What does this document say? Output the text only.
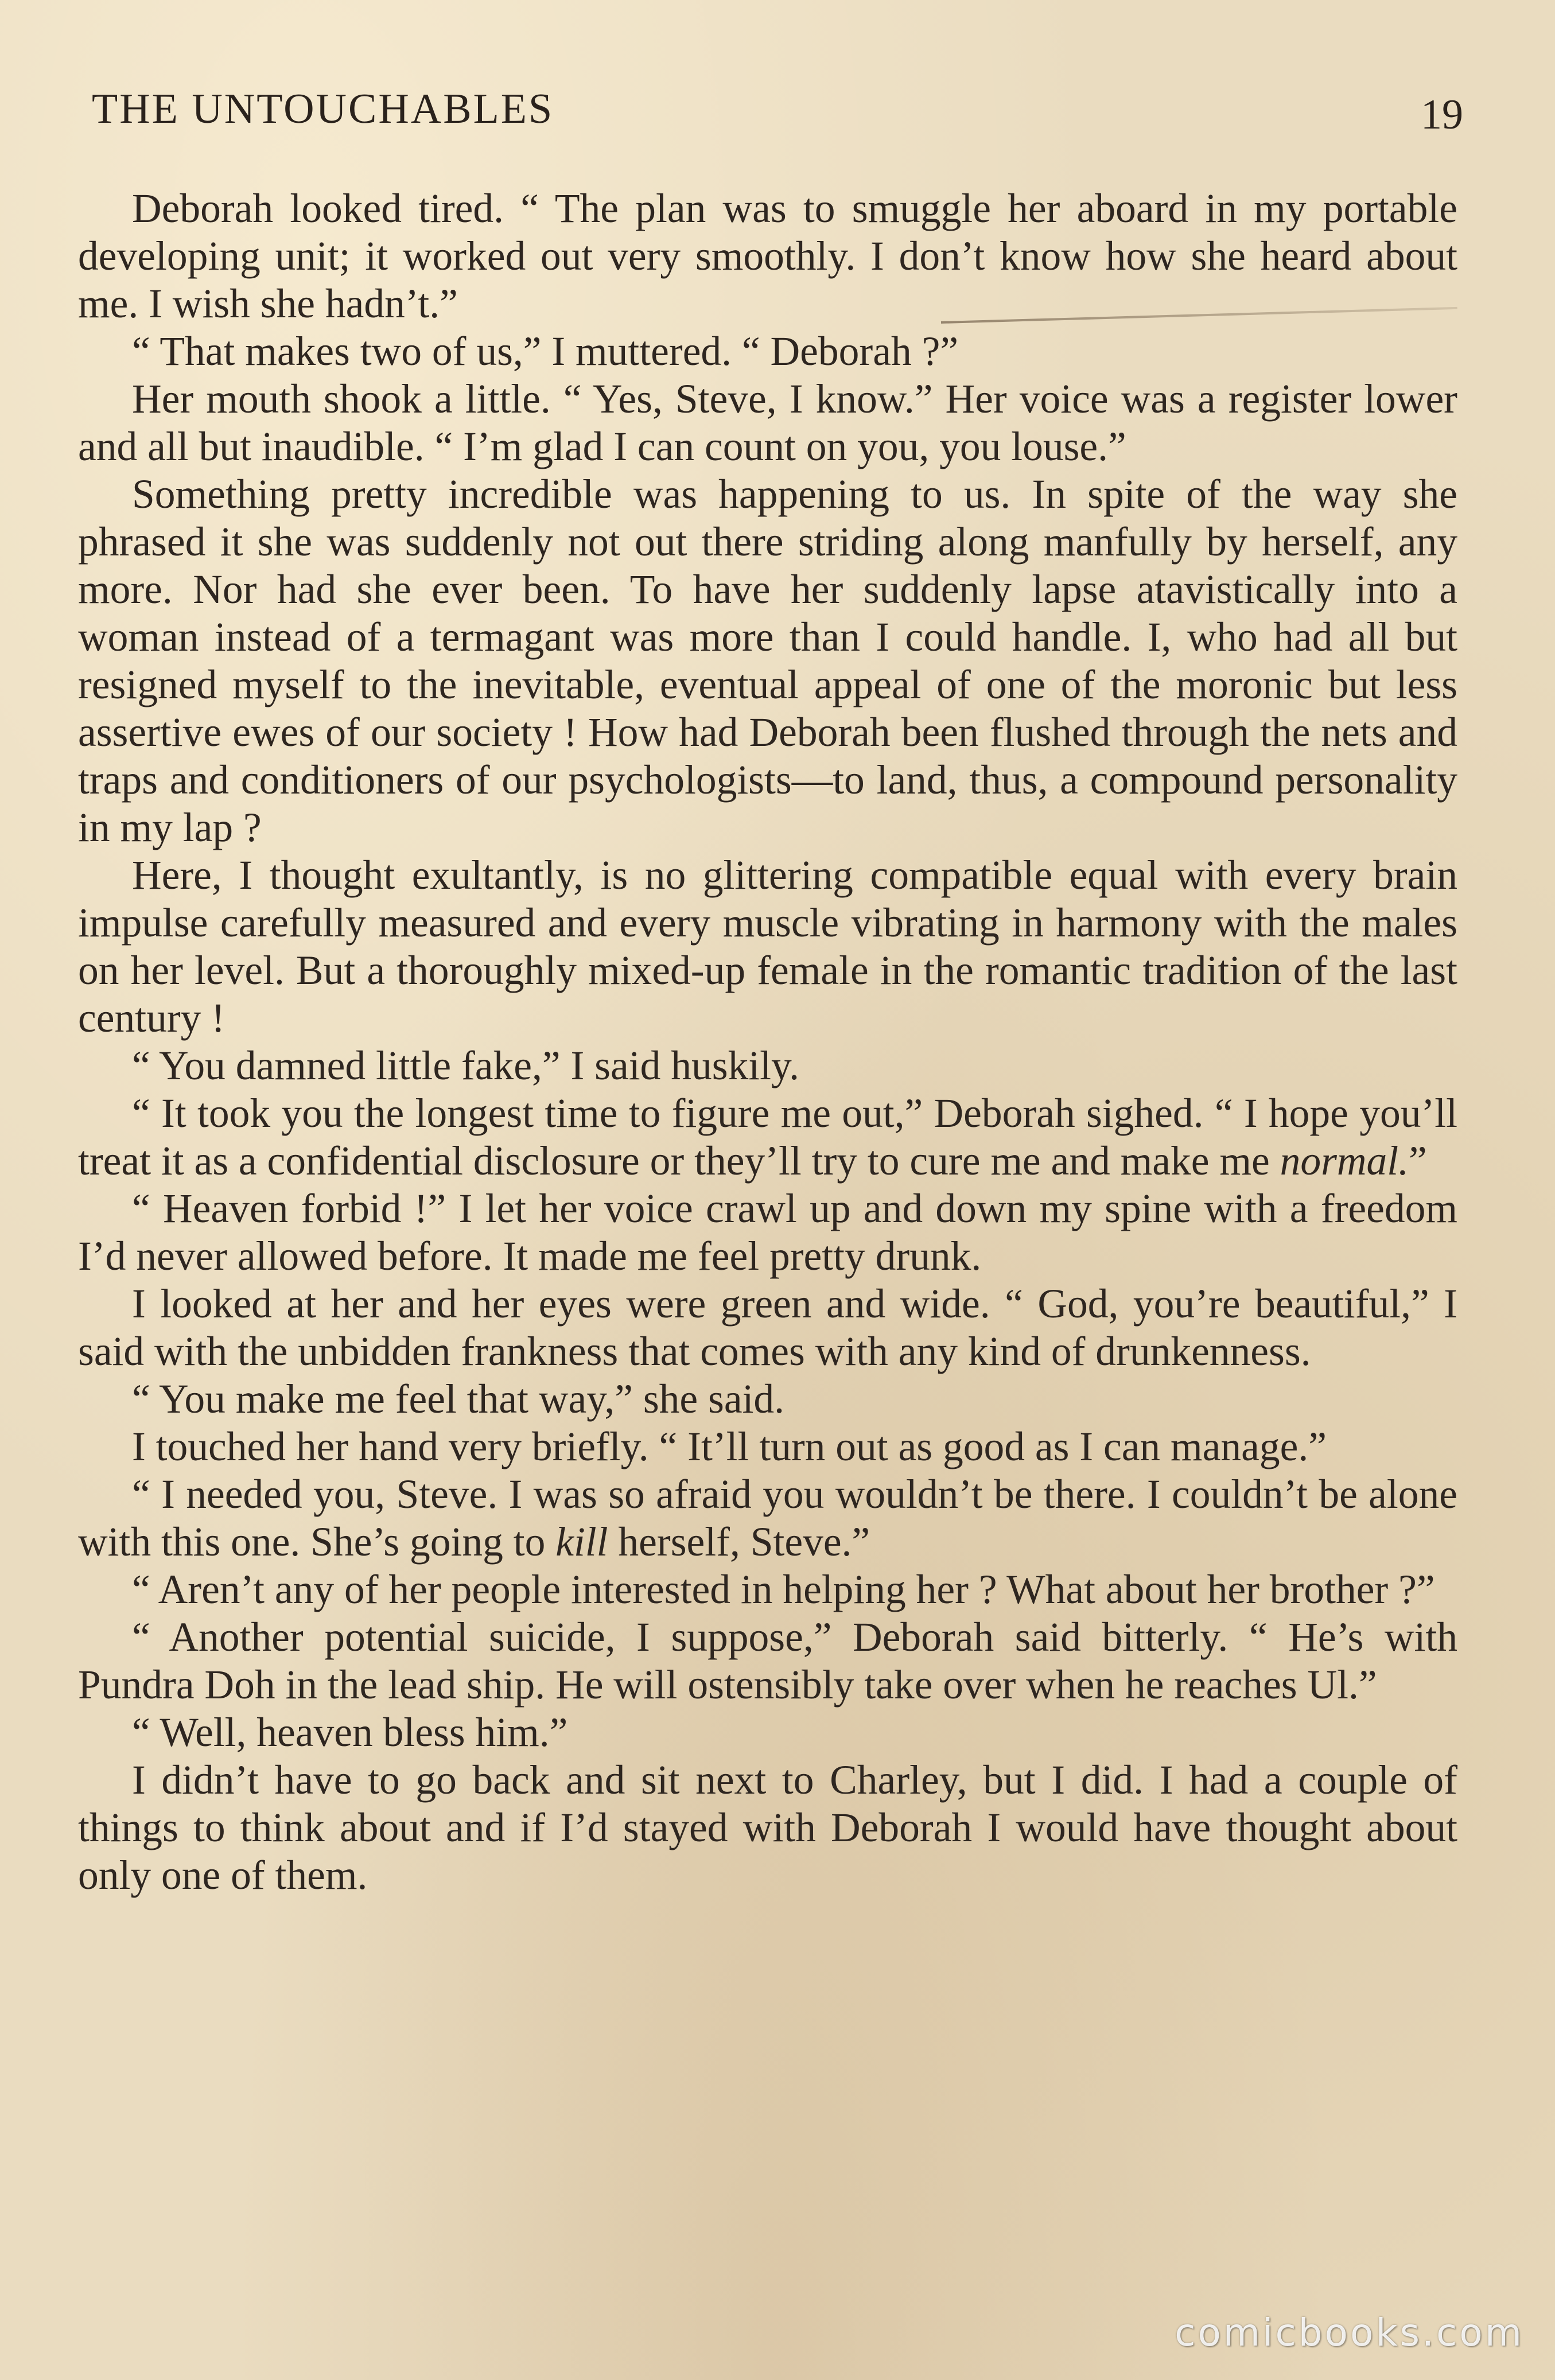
THE UNTOUCHABLES	19

Deborah looked tired. “ The plan was to smuggle her aboard in my portable developing unit; it worked out very smoothly. I don’t know how she heard about me. I wish she hadn’t.”

“ That makes two of us,” I muttered. “ Deborah ?”

Her mouth shook a little. “ Yes, Steve, I know.” Her voice was a register lower and all but inaudible. “ I’m glad I can count on you, you louse.”

Something pretty incredible was happening to us. In spite of the way she phrased it she was suddenly not out there striding along manfully by herself, any more. Nor had she ever been. To have her suddenly lapse atavistically into a woman instead of a termagant was more than I could handle. I, who had all but resigned myself to the inevitable, eventual appeal of one of the moronic but less assertive ewes of our society ! How had Deborah been flushed through the nets and traps and conditioners of our psychologists—to land, thus, a compound personality in my lap ?

Here, I thought exultantly, is no glittering compatible equal with every brain impulse carefully measured and every muscle vibrating in harmony with the males on her level. But a thoroughly mixed-up female in the romantic tradition of the last century !

“ You damned little fake,” I said huskily.

“ It took you the longest time to figure me out,” Deborah sighed. “ I hope you’ll treat it as a confidential disclosure or they’ll try to cure me and make me normal.”

“ Heaven forbid !” I let her voice crawl up and down my spine with a freedom I’d never allowed before. It made me feel pretty drunk.

I looked at her and her eyes were green and wide. “ God, you’re beautiful,” I said with the unbidden frankness that comes with any kind of drunkenness.

“ You make me feel that way,” she said.

I touched her hand very briefly. “ It’ll turn out as good as I can manage.”

“ I needed you, Steve. I was so afraid you wouldn’t be there. I couldn’t be alone with this one. She’s going to kill herself, Steve.”

“ Aren’t any of her people interested in helping her ? What about her brother ?”

“ Another potential suicide, I suppose,” Deborah said bitterly. “ He’s with Pundra Doh in the lead ship. He will ostensibly take over when he reaches Ul.”

“ Well, heaven bless him.”

I didn’t have to go back and sit next to Charley, but I did. I had a couple of things to think about and if I’d stayed with Deborah I would have thought about only one of them.

comicbooks.com
